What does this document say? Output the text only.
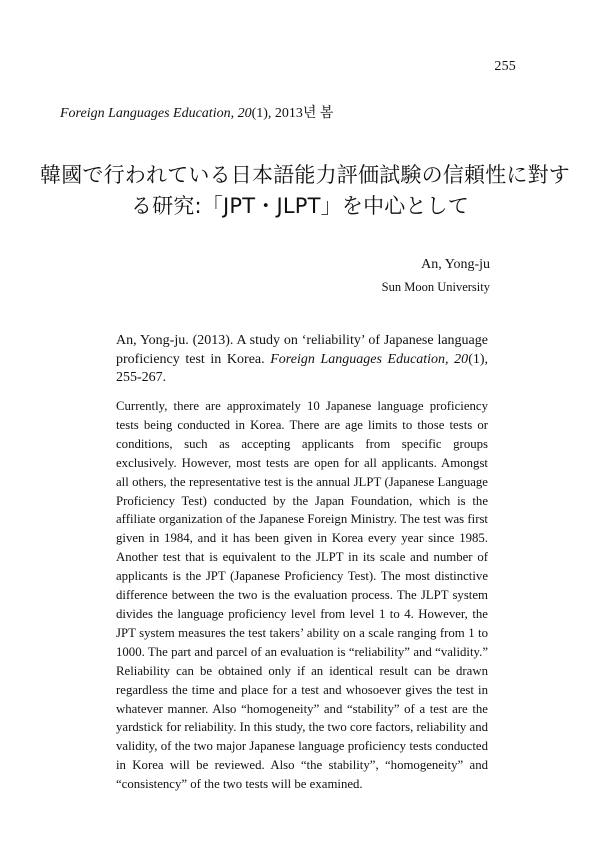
255
Foreign Languages Education, 20(1), 2013년 봄
韓國で行われている日本語能力評価試験の信頼性に對す
る研究:「JPT・JLPT」を中心として
An, Yong-ju
Sun Moon University
An, Yong-ju. (2013). A study on ‘reliability’ of Japanese language proficiency test in Korea. Foreign Languages Education, 20(1), 255-267.
Currently, there are approximately 10 Japanese language proficiency tests being conducted in Korea. There are age limits to those tests or conditions, such as accepting applicants from specific groups exclusively. However, most tests are open for all applicants. Amongst all others, the representative test is the annual JLPT (Japanese Language Proficiency Test) conducted by the Japan Foundation, which is the affiliate organization of the Japanese Foreign Ministry. The test was first given in 1984, and it has been given in Korea every year since 1985. Another test that is equivalent to the JLPT in its scale and number of applicants is the JPT (Japanese Proficiency Test). The most distinctive difference between the two is the evaluation process. The JLPT system divides the language proficiency level from level 1 to 4. However, the JPT system measures the test takers’ ability on a scale ranging from 1 to 1000. The part and parcel of an evaluation is “reliability” and “validity.” Reliability can be obtained only if an identical result can be drawn regardless the time and place for a test and whosoever gives the test in whatever manner. Also “homogeneity” and “stability” of a test are the yardstick for reliability. In this study, the two core factors, reliability and validity, of the two major Japanese language proficiency tests conducted in Korea will be reviewed. Also “the stability”, “homogeneity” and “consistency” of the two tests will be examined.
